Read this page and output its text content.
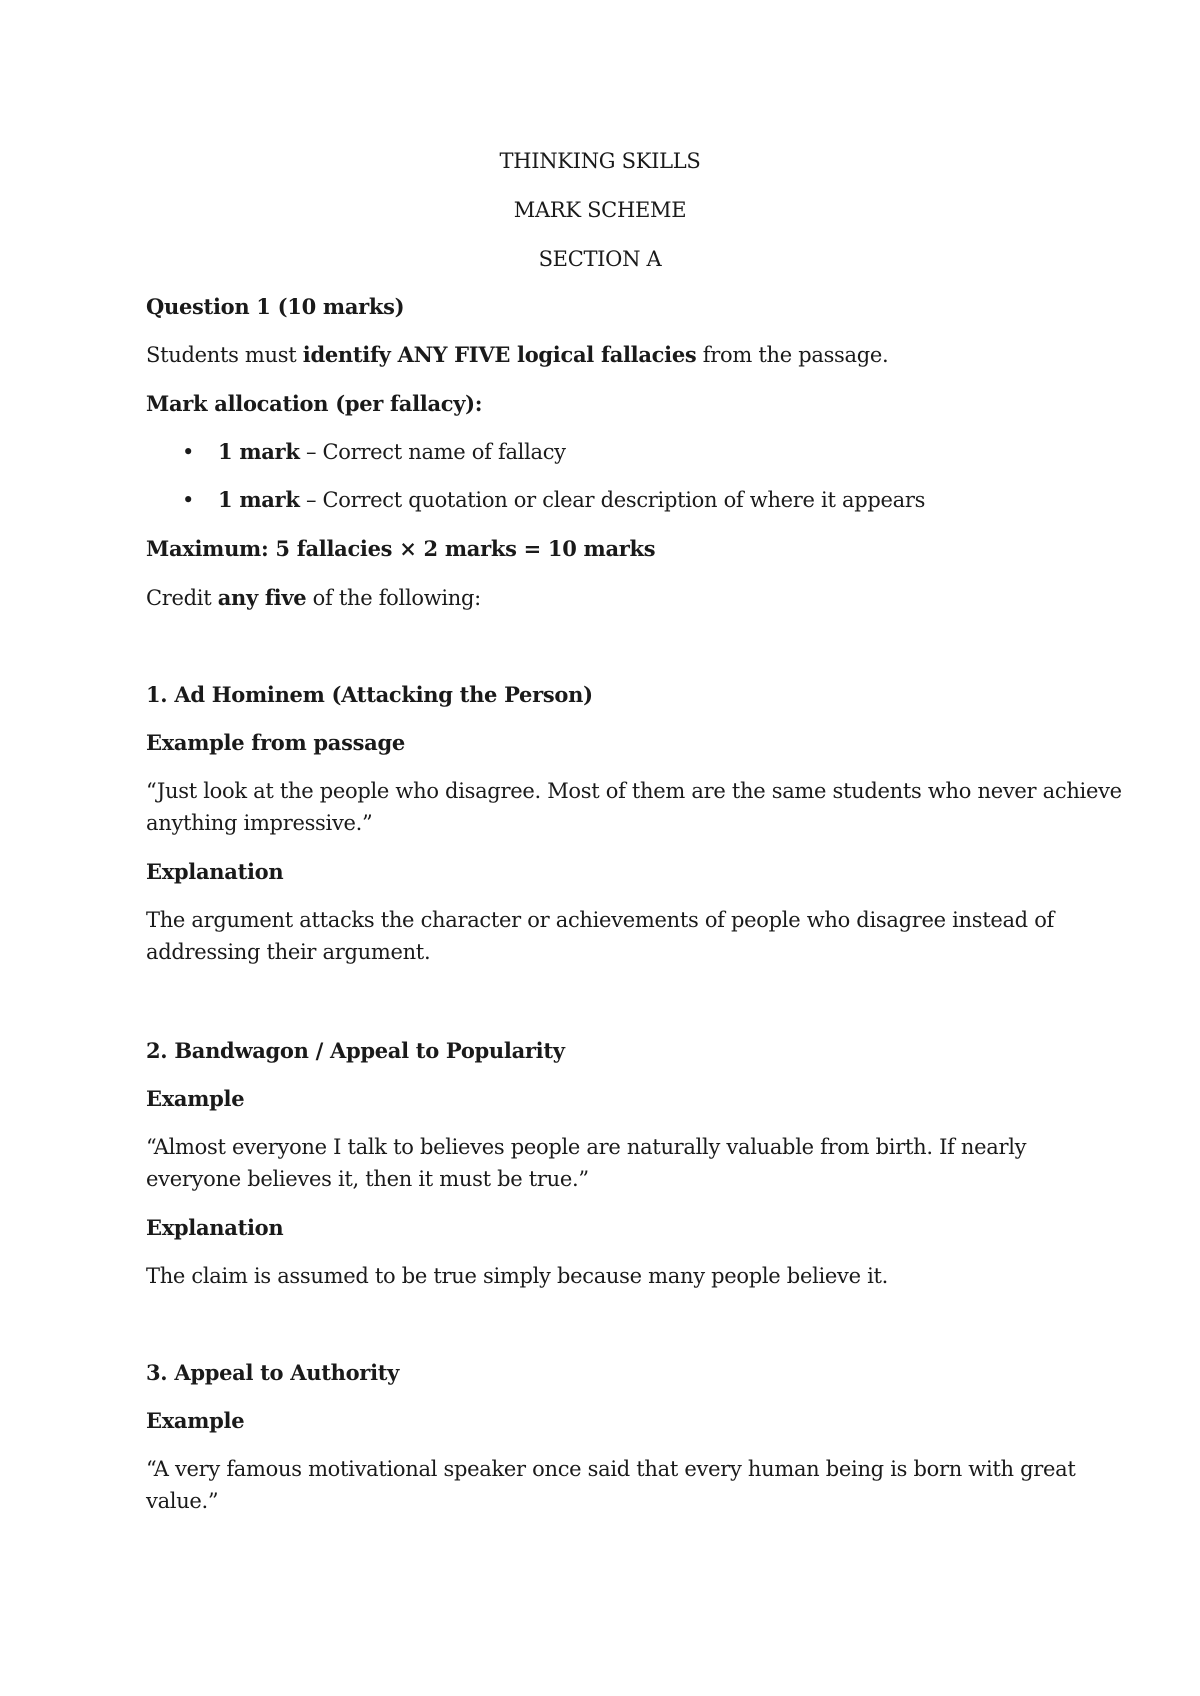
THINKING SKILLS

MARK SCHEME

SECTION A

Question 1 (10 marks)

Students must identify ANY FIVE logical fallacies from the passage.

Mark allocation (per fallacy):

• 1 mark – Correct name of fallacy

• 1 mark – Correct quotation or clear description of where it appears

Maximum: 5 fallacies × 2 marks = 10 marks

Credit any five of the following:

1. Ad Hominem (Attacking the Person)

Example from passage

“Just look at the people who disagree. Most of them are the same students who never achieve

anything impressive.”

Explanation

The argument attacks the character or achievements of people who disagree instead of

addressing their argument.

2. Bandwagon / Appeal to Popularity

Example

“Almost everyone I talk to believes people are naturally valuable from birth. If nearly

everyone believes it, then it must be true.”

Explanation

The claim is assumed to be true simply because many people believe it.

3. Appeal to Authority

Example

“A very famous motivational speaker once said that every human being is born with great

value.”
